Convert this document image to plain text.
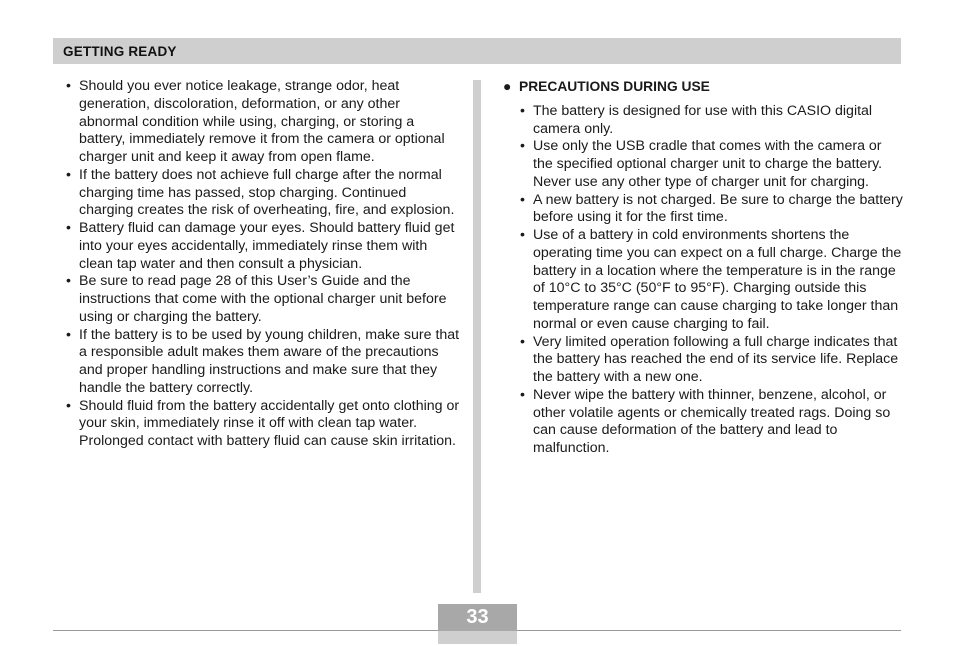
GETTING READY
• Should you ever notice leakage, strange odor, heat generation, discoloration, deformation, or any other abnormal condition while using, charging, or storing a battery, immediately remove it from the camera or optional charger unit and keep it away from open flame.
• If the battery does not achieve full charge after the normal charging time has passed, stop charging. Continued charging creates the risk of overheating, fire, and explosion.
• Battery fluid can damage your eyes. Should battery fluid get into your eyes accidentally, immediately rinse them with clean tap water and then consult a physician.
• Be sure to read page 28 of this User’s Guide and the instructions that come with the optional charger unit before using or charging the battery.
• If the battery is to be used by young children, make sure that a responsible adult makes them aware of the precautions and proper handling instructions and make sure that they handle the battery correctly.
• Should fluid from the battery accidentally get onto clothing or your skin, immediately rinse it off with clean tap water. Prolonged contact with battery fluid can cause skin irritation.
● PRECAUTIONS DURING USE
• The battery is designed for use with this CASIO digital camera only.
• Use only the USB cradle that comes with the camera or the specified optional charger unit to charge the battery. Never use any other type of charger unit for charging.
• A new battery is not charged. Be sure to charge the battery before using it for the first time.
• Use of a battery in cold environments shortens the operating time you can expect on a full charge. Charge the battery in a location where the temperature is in the range of 10°C to 35°C (50°F to 95°F). Charging outside this temperature range can cause charging to take longer than normal or even cause charging to fail.
• Very limited operation following a full charge indicates that the battery has reached the end of its service life. Replace the battery with a new one.
• Never wipe the battery with thinner, benzene, alcohol, or other volatile agents or chemically treated rags. Doing so can cause deformation of the battery and lead to malfunction.
33
